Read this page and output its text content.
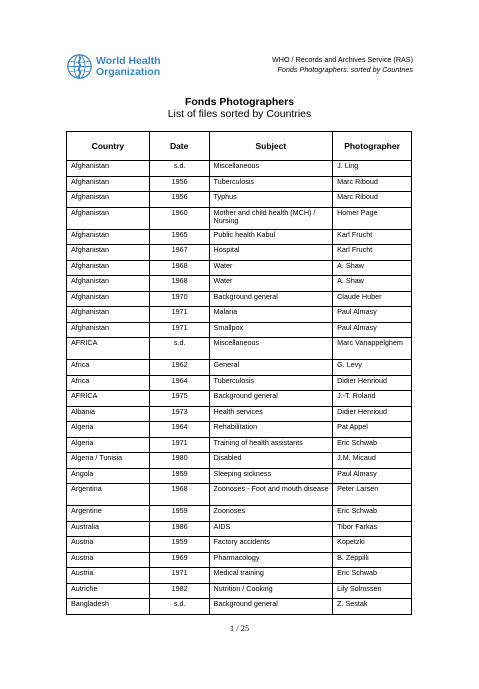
World Health
Organization
WHO / Records and Archives Service (RAS)
Fonds Photographers: sorted by Countries
Fonds Photographers
List of files sorted by Countries
Country	Date	Subject	Photographer
Afghanistan	s.d.	Miscellaneous	J. Ling
Afghanistan	1956	Tuberculosis	Marc Riboud
Afghanistan	1956	Typhus	Marc Riboud
Afghanistan	1960	Mother and child health (MCH) / Nursing	Homer Page
Afghanistan	1965	Public health Kabul	Karl Frucht
Afghanistan	1967	Hospital	Karl Frucht
Afghanistan	1968	Water	A. Shaw
Afghanistan	1968	Water	A. Shaw
Afghanistan	1970	Background general	Claude Huber
Afghanistan	1971	Malaria	Paul Almasy
Afghanistan	1971	Smallpox	Paul Almasy
AFRICA	s.d.	Miscellaneous	Marc Vanappelghem
Africa	1962	General	G. Levy
Africa	1964	Tuberculosis	Didier Henrioud
AFRICA	1975	Background general	J.-T. Roland
Albania	1973	Health services	Didier Henrioud
Algeria	1964	Rehabilitation	Pat Appel
Algeria	1971	Training of health assistants	Eric Schwab
Algeria / Tunisia	1980	Disabled	J.M. Micaud
Angola	1959	Sleeping sickness	Paul Almasy
Argentina	1968	Zoonoses - Foot and mouth disease	Peter Larsen
Argentine	1959	Zoonoses	Eric Schwab
Australia	1986	AIDS	Tibor Farkas
Austria	1959	Factory accidents	Kopetzki
Austria	1969	Pharmacology	B. Zeppilli
Austria	1971	Medical training	Eric Schwab
Autriche	1982	Nutrition / Cooking	Lily Solmssen
Bangladesh	s.d.	Background general	Z. Sestak
1 / 25
